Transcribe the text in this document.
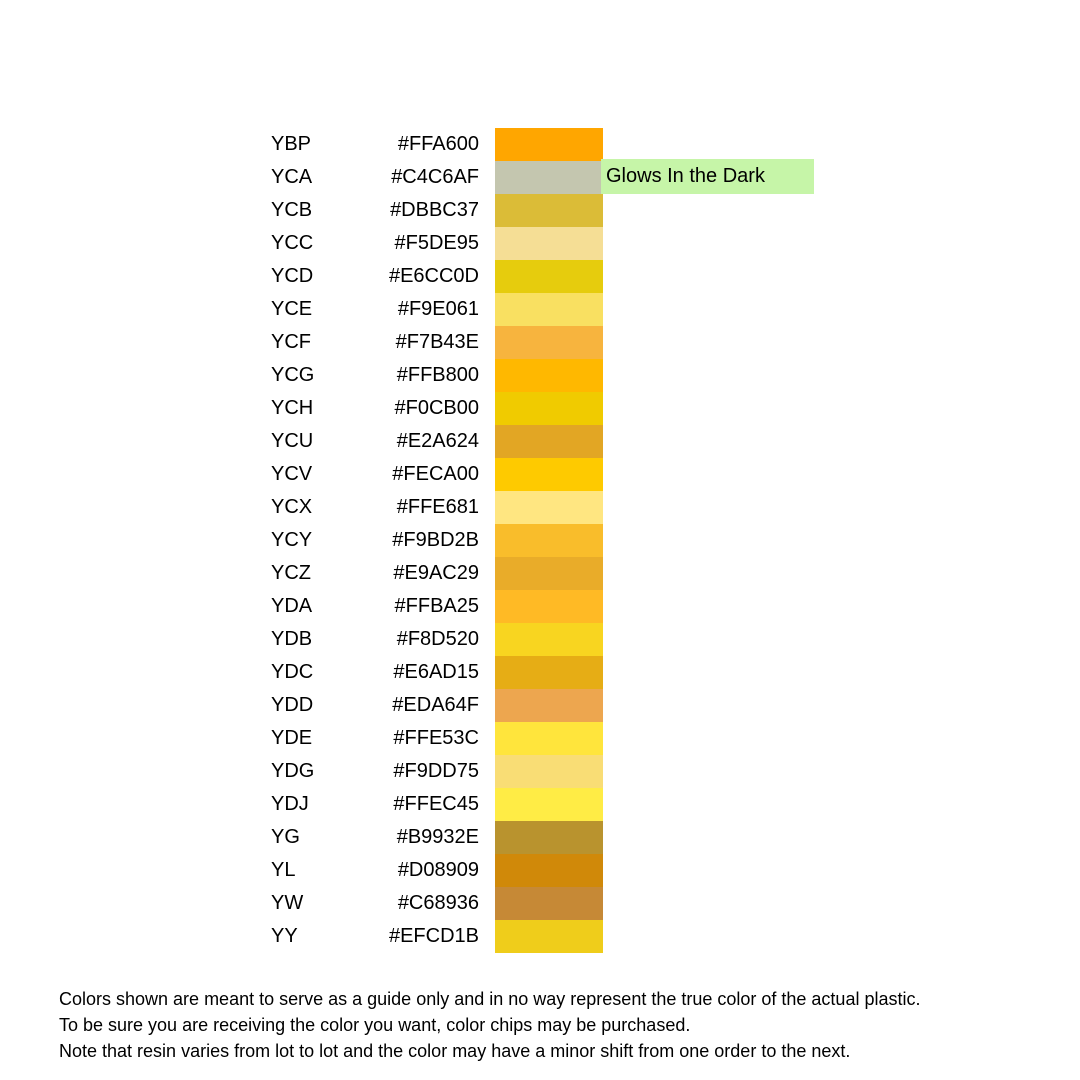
YBP	#FFA600
YCA	#C4C6AF	Glows In the Dark
YCB	#DBBC37
YCC	#F5DE95
YCD	#E6CC0D
YCE	#F9E061
YCF	#F7B43E
YCG	#FFB800
YCH	#F0CB00
YCU	#E2A624
YCV	#FECA00
YCX	#FFE681
YCY	#F9BD2B
YCZ	#E9AC29
YDA	#FFBA25
YDB	#F8D520
YDC	#E6AD15
YDD	#EDA64F
YDE	#FFE53C
YDG	#F9DD75
YDJ	#FFEC45
YG	#B9932E
YL	#D08909
YW	#C68936
YY	#EFCD1B
Colors shown are meant to serve as a guide only and in no way represent the true color of the actual plastic.
To be sure you are receiving the color you want, color chips may be purchased.
Note that resin varies from lot to lot and the color may have a minor shift from one order to the next.
